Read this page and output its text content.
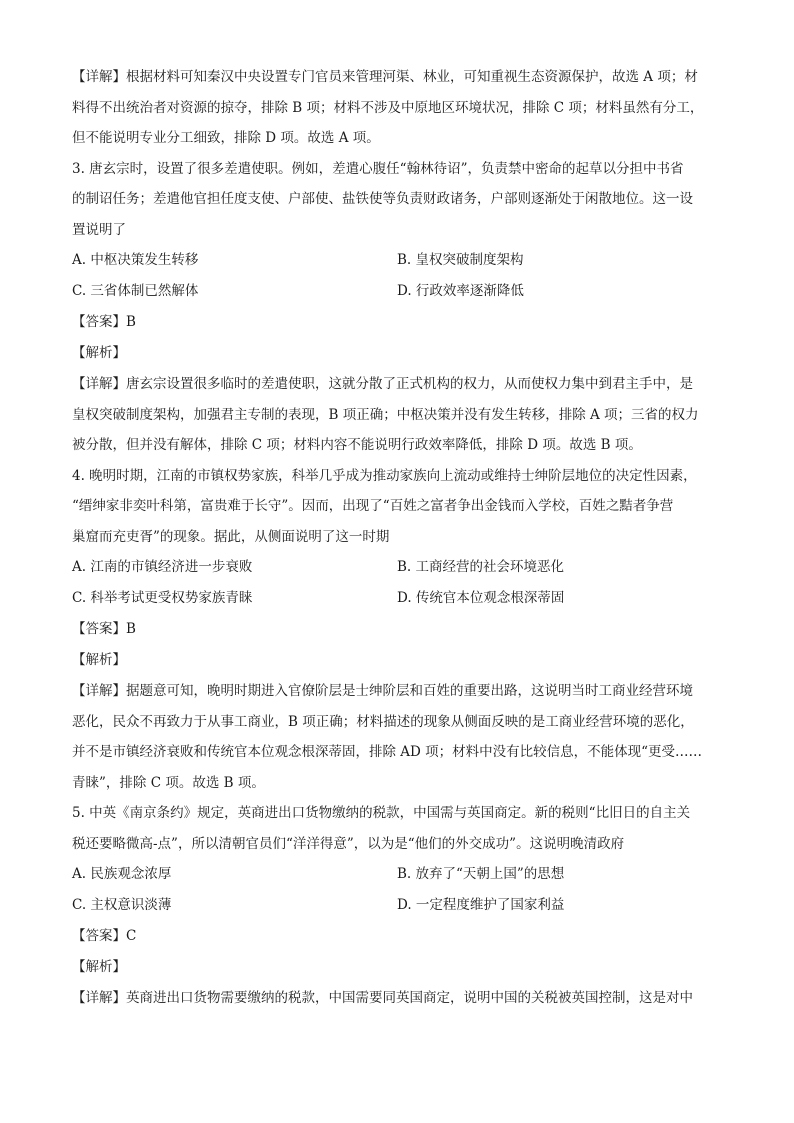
【详解】根据材料可知秦汉中央设置专门官员来管理河渠、林业，可知重视生态资源保护，故选 A 项；材
料得不出统治者对资源的掠夺，排除 B 项；材料不涉及中原地区环境状况，排除 C 项；材料虽然有分工，
但不能说明专业分工细致，排除 D 项。故选 A 项。

3. 唐玄宗时，设置了很多差遣使职。例如，差遣心腹任“翰林待诏”，负责禁中密命的起草以分担中书省
的制诏任务；差遣他官担任度支使、户部使、盐铁使等负责财政诸务，户部则逐渐处于闲散地位。这一设
置说明了

A. 中枢决策发生转移	B. 皇权突破制度架构
C. 三省体制已然解体	D. 行政效率逐渐降低

【答案】B

【解析】

【详解】唐玄宗设置很多临时的差遣使职，这就分散了正式机构的权力，从而使权力集中到君主手中，是
皇权突破制度架构，加强君主专制的表现，B 项正确；中枢决策并没有发生转移，排除 A 项；三省的权力
被分散，但并没有解体，排除 C 项；材料内容不能说明行政效率降低，排除 D 项。故选 B 项。

4. 晚明时期，江南的市镇权势家族，科举几乎成为推动家族向上流动或维持士绅阶层地位的决定性因素，
“缙绅家非奕叶科第，富贵难于长守”。因而，出现了“百姓之富者争出金钱而入学校，百姓之黠者争营
巢窟而充吏胥”的现象。据此，从侧面说明了这一时期

A. 江南的市镇经济进一步衰败	B. 工商经营的社会环境恶化
C. 科举考试更受权势家族青睐	D. 传统官本位观念根深蒂固

【答案】B

【解析】

【详解】据题意可知，晚明时期进入官僚阶层是士绅阶层和百姓的重要出路，这说明当时工商业经营环境
恶化，民众不再致力于从事工商业，B 项正确；材料描述的现象从侧面反映的是工商业经营环境的恶化，
并不是市镇经济衰败和传统官本位观念根深蒂固，排除 AD 项；材料中没有比较信息，不能体现“更受……
青睐”，排除 C 项。故选 B 项。

5. 中英《南京条约》规定，英商进出口货物缴纳的税款，中国需与英国商定。新的税则“比旧日的自主关
税还要略微高-点”，所以清朝官员们“洋洋得意”，以为是“他们的外交成功”。这说明晚清政府

A. 民族观念浓厚	B. 放弃了“天朝上国”的思想
C. 主权意识淡薄	D. 一定程度维护了国家利益

【答案】C

【解析】

【详解】英商进出口货物需要缴纳的税款，中国需要同英国商定，说明中国的关税被英国控制，这是对中
